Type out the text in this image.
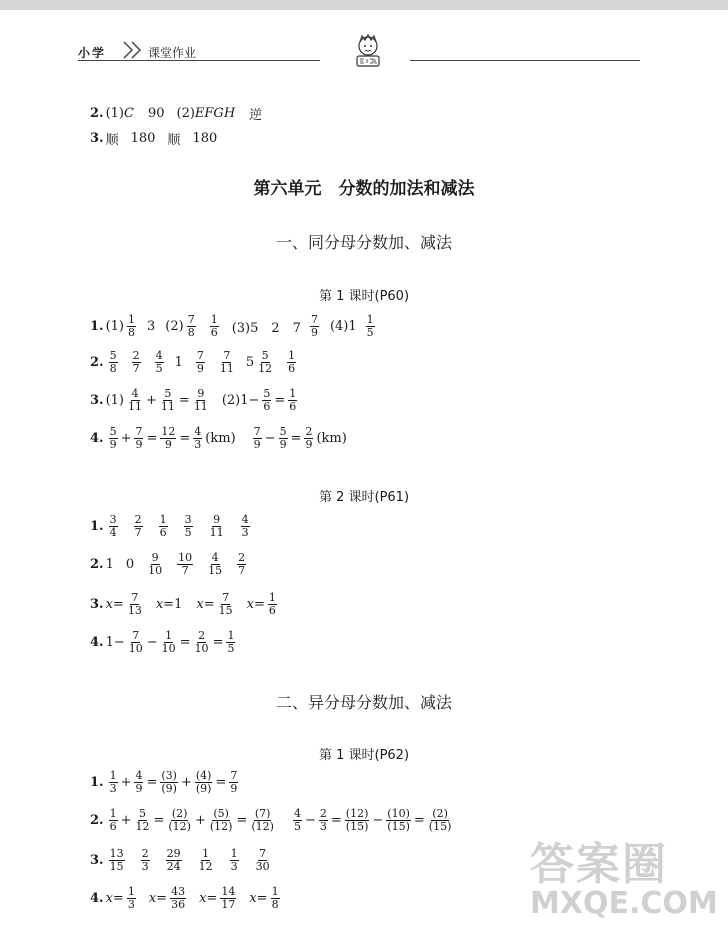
小学	课堂作业
2. (1) C 90 (2) EFGH 逆
3. 顺 180 顺 180
第六单元　分数的加法和减法
一、同分母分数加、减法
第 1 课时(P60)
1. (1) 1
8 3 (2) 7
8
1
6 (3)5　2　7
7
9 (4)1 1
5
2. 5
8
2
7
4
5 1 7
9
7
11 5 5
12
1
6
3. (1) 4
$11 + \frac{5}{11} = \frac{9}{11} (2)1- \frac{5}{6} = \frac{1}{6}$
4. 5
$9 + \frac{7}{9} = \frac{12}{9} = \frac{4}{3} (km)$ 7
$9 - \frac{5}{9} = \frac{2}{9} (km)$
第 2 课时(P61)
1. 3
4
2
7
1
6
3
5
9
11
4
3
2. 1 0 9
10
10
7
4
15
2
7
3. $x = \frac{7}{13}$ x =1 $x = \frac{7}{15}$ $x = \frac{1}{6}$
4. $1- \frac{7}{10} - \frac{1}{10} = \frac{2}{10} = \frac{1}{5}$
二、异分母分数加、减法
第 1 课时(P62)
1. 1
$3 + \frac{4}{9} = \frac{(3)}{(9)} + \frac{(4)}{(9)} = \frac{7}{9}$
2. 1
$6 + \frac{5}{12} = \frac{(2)}{(12)} + \frac{(5)}{(12)} = \frac{(7)}{(12)} 4$
$5 - \frac{2}{3} = \frac{(12)}{(15)} - \frac{(10)}{(15)} = \frac{(2)}{(15)}$
3. 13
15
2
3
29
24
1
12
1
3
7
30
4. $x = \frac{1}{3}$ $x = \frac{43}{36}$ $x = \frac{14}{17}$ $x = \frac{1}{8}$
答案圈
MXQE.COM
